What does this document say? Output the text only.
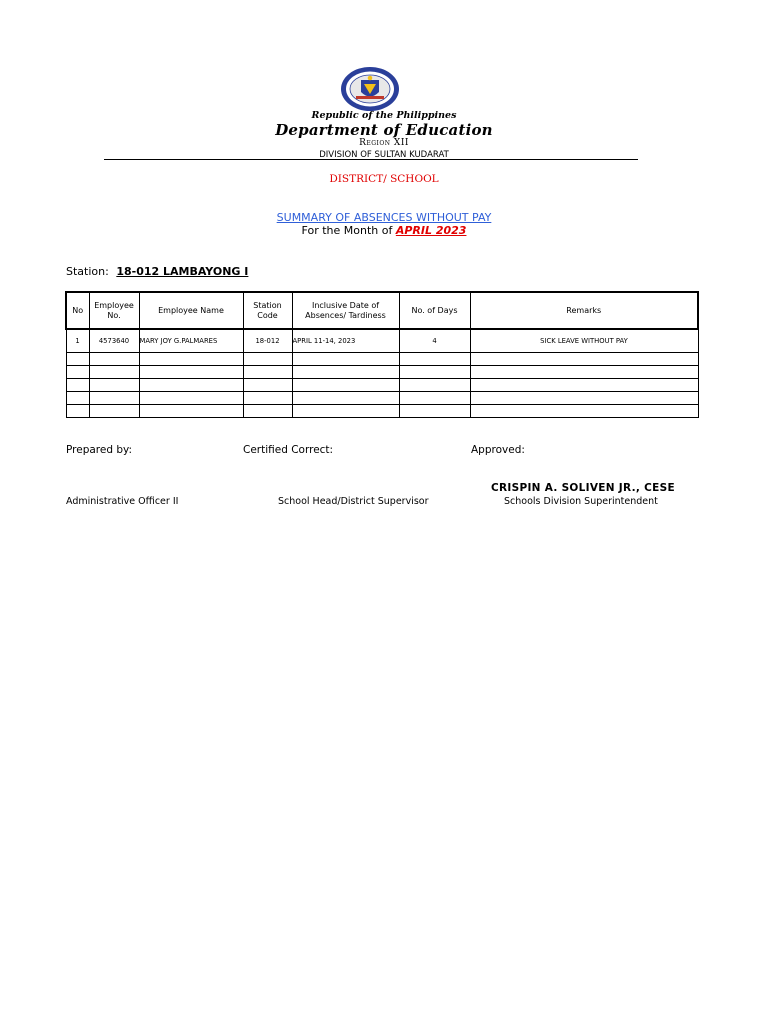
Republic of the Philippines
Department of Education
Region XII
DIVISION OF SULTAN KUDARAT
DISTRICT/ SCHOOL
SUMMARY OF ABSENCES WITHOUT PAY
For the Month of APRIL 2023
Station: 18-012 LAMBAYONG I
No	Employee No.	Employee Name	Station Code	Inclusive Date of Absences/ Tardiness	No. of Days	Remarks
1	4573640	MARY JOY G.PALMARES	18-012	APRIL 11-14, 2023	4	SICK LEAVE WITHOUT PAY

Prepared by:	Certified Correct:	Approved:
CRISPIN A. SOLIVEN JR., CESE
Administrative Officer II	School Head/District Supervisor	Schools Division Superintendent
